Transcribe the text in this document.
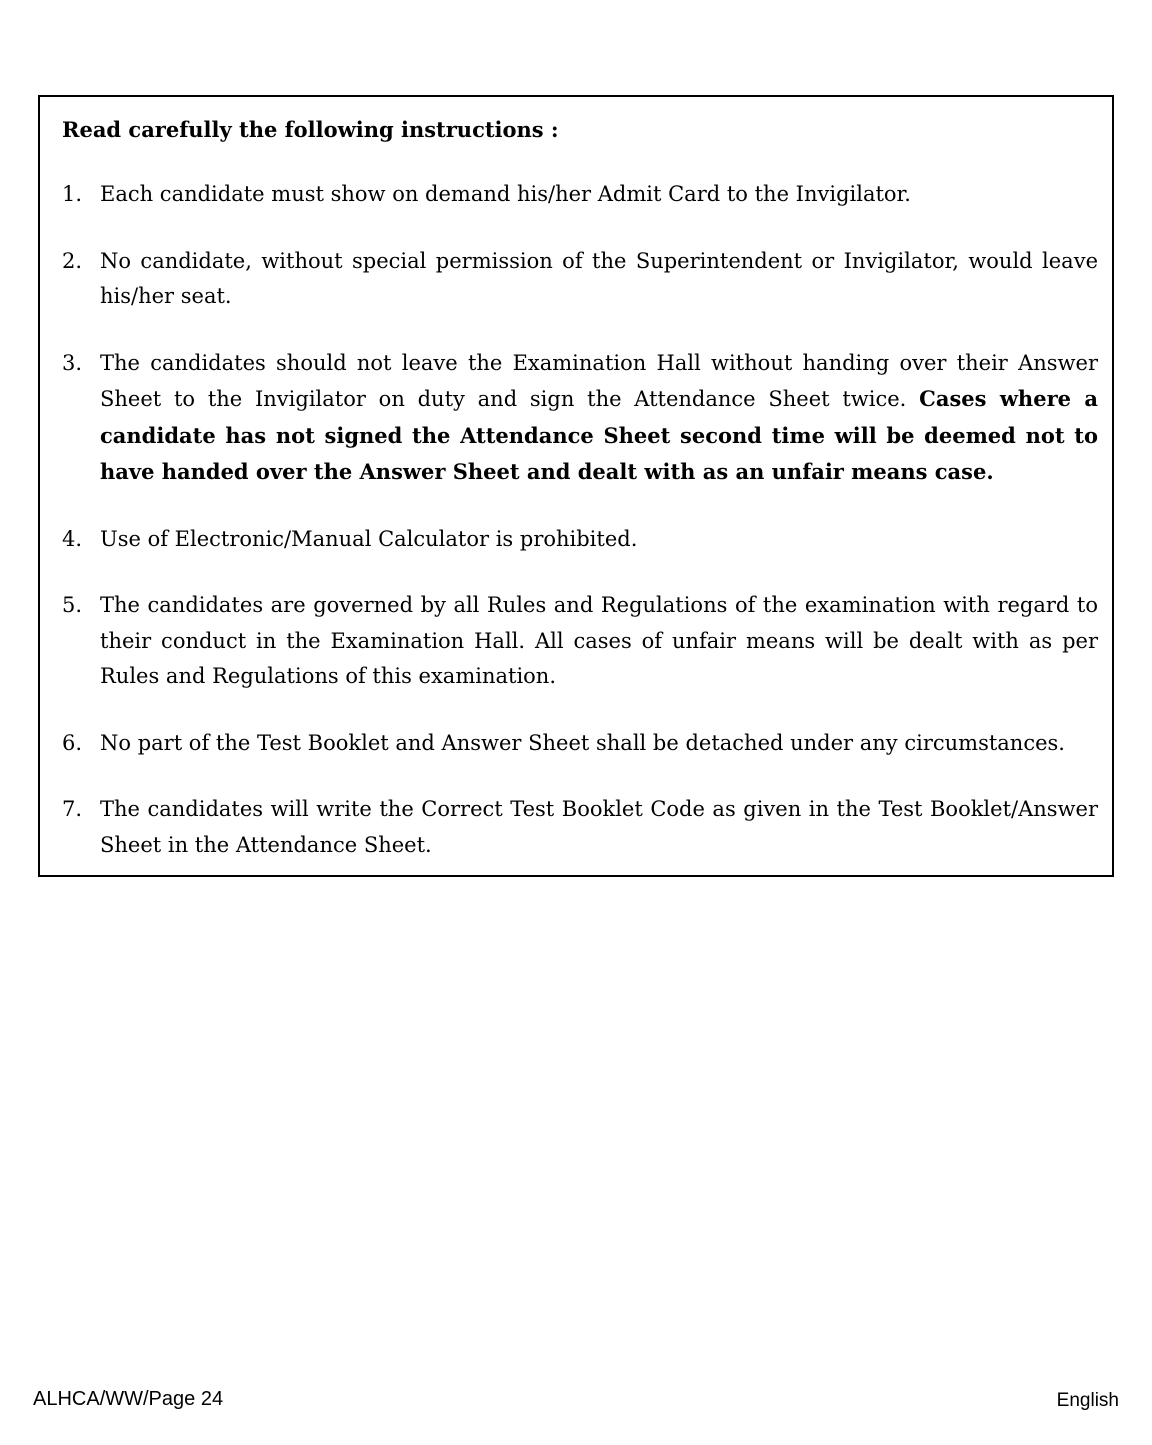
Read carefully the following instructions :
1. Each candidate must show on demand his/her Admit Card to the Invigilator.
2. No candidate, without special permission of the Superintendent or Invigilator, would leave his/her seat.
3. The candidates should not leave the Examination Hall without handing over their Answer Sheet to the Invigilator on duty and sign the Attendance Sheet twice. Cases where a candidate has not signed the Attendance Sheet second time will be deemed not to have handed over the Answer Sheet and dealt with as an unfair means case.
4. Use of Electronic/Manual Calculator is prohibited.
5. The candidates are governed by all Rules and Regulations of the examination with regard to their conduct in the Examination Hall. All cases of unfair means will be dealt with as per Rules and Regulations of this examination.
6. No part of the Test Booklet and Answer Sheet shall be detached under any circumstances.
7. The candidates will write the Correct Test Booklet Code as given in the Test Booklet/Answer Sheet in the Attendance Sheet.
ALHCA/WW/Page 24	English
